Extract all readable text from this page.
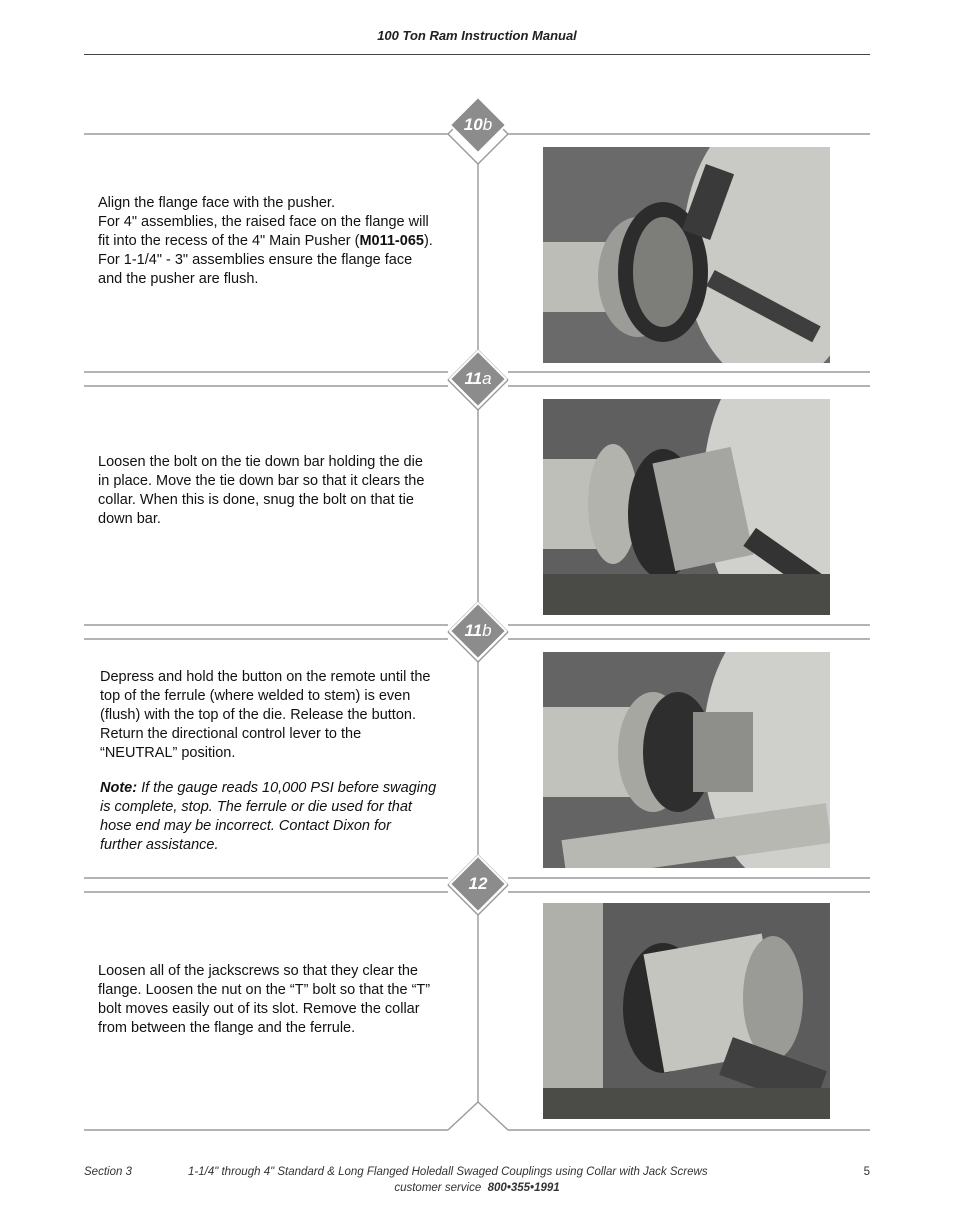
100 Ton Ram Instruction Manual
10 b
11 a
11 b
12

Align the flange face with the pusher.

For 4" assemblies, the raised face on the flange will

fit into the recess of the 4" Main Pusher (M011-065).

For 1-1/4" - 3" assemblies ensure the flange face

and the pusher are flush.

Loosen the bolt on the tie down bar holding the die

in place. Move the tie down bar so that it clears the

collar. When this is done, snug the bolt on that tie

down bar.

Depress and hold the button on the remote until the

top of the ferrule (where welded to stem) is even

(flush) with the top of the die. Release the button.

Return the directional control lever to the

“NEUTRAL” position.

Note: If the gauge reads 10,000 PSI before swaging

is complete, stop. The ferrule or die used for that

hose end may be incorrect. Contact Dixon for

further assistance.

Loosen all of the jackscrews so that they clear the

flange. Loosen the nut on the “T” bolt so that the “T”

bolt moves easily out of its slot. Remove the collar

from between the flange and the ferrule.

Section 3	1-1/4" through 4" Standard & Long Flanged Holedall Swaged Couplings using Collar with Jack Screws	5
customer service 800•355•1991
